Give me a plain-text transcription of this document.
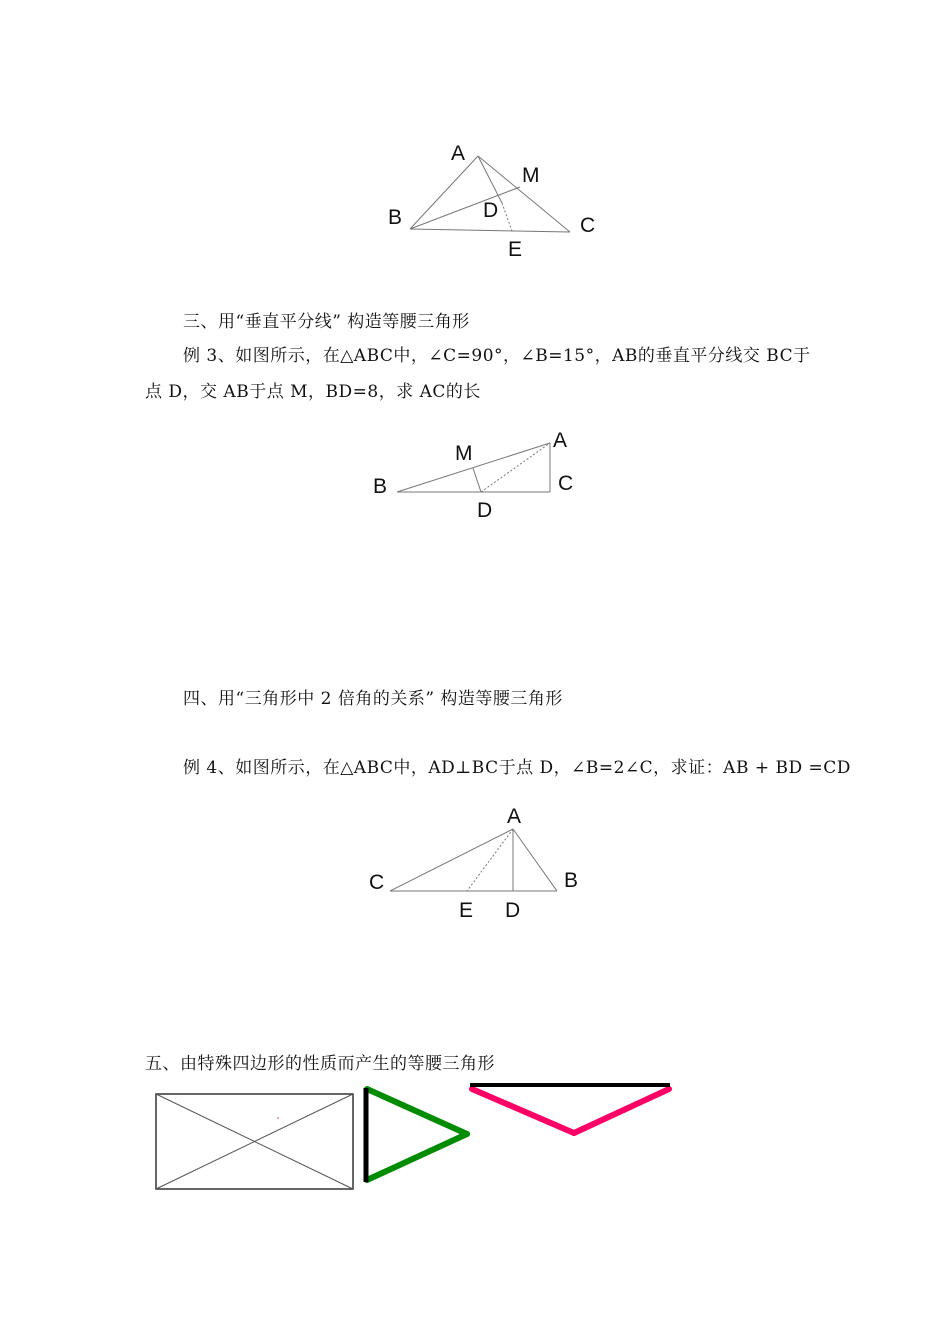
A
M
B	D
C
E
三、用“垂直平分线” 构造等腰三角形
例 3、如图所示，在△ABC中，∠C=90°，∠B=15°，AB的垂直平分线交 BC于
点 D，交 AB于点 M，BD=8，求 AC的长
M
A
B	C
D
四、用“三角形中 2 倍角的关系” 构造等腰三角形
例 4、如图所示，在△ABC中，AD⊥BC于点 D，∠B=2∠C，求证：AB + BD =CD
A
C	B
E D
五、由特殊四边形的性质而产生的等腰三角形
